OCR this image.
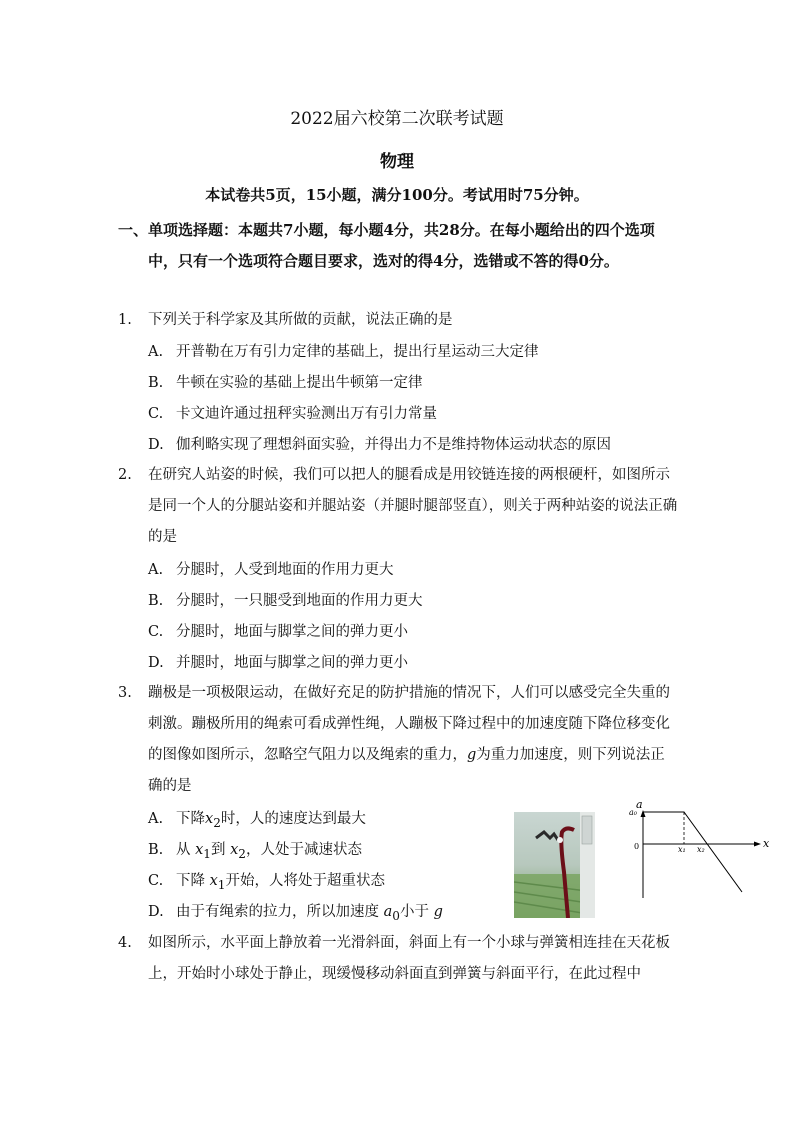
2022届六校第二次联考试题
物理
本试卷共5页，15小题，满分100分。考试用时75分钟。
一、 单项选择题：本题共7小题，每小题4分，共28分。在每小题给出的四个选项中，只有一个选项符合题目要求，选对的得4分，选错或不答的得0分。
1.	下列关于科学家及其所做的贡献，说法正确的是
A. 开普勒在万有引力定律的基础上，提出行星运动三大定律
B. 牛顿在实验的基础上提出牛顿第一定律
C. 卡文迪许通过扭秤实验测出万有引力常量
D. 伽利略实现了理想斜面实验，并得出力不是维持物体运动状态的原因
2.	在研究人站姿的时候，我们可以把人的腿看成是用铰链连接的两根硬杆，如图所示是同一个人的分腿站姿和并腿站姿（并腿时腿部竖直），则关于两种站姿的说法正确的是
A. 分腿时，人受到地面的作用力更大
B. 分腿时，一只腿受到地面的作用力更大
C. 分腿时，地面与脚掌之间的弹力更小
D. 并腿时，地面与脚掌之间的弹力更小
3.	蹦极是一项极限运动，在做好充足的防护措施的情况下，人们可以感受完全失重的刺激。蹦极所用的绳索可看成弹性绳，人蹦极下降过程中的加速度随下降位移变化的图像如图所示，忽略空气阻力以及绳索的重力，g为重力加速度，则下列说法正确的是
A. 下降$x_2$时，人的速度达到最大
B. 从 $x_1$到 $x_2$，人处于减速状态
C. 下降 $x_1$开始，人将处于超重状态
D. 由于有绳索的拉力，所以加速度 $a_0$小于 g
a
x
a₀
0	x₁ x₂
4.	如图所示，水平面上静放着一光滑斜面，斜面上有一个小球与弹簧相连挂在天花板上，开始时小球处于静止，现缓慢移动斜面直到弹簧与斜面平行，在此过程中
